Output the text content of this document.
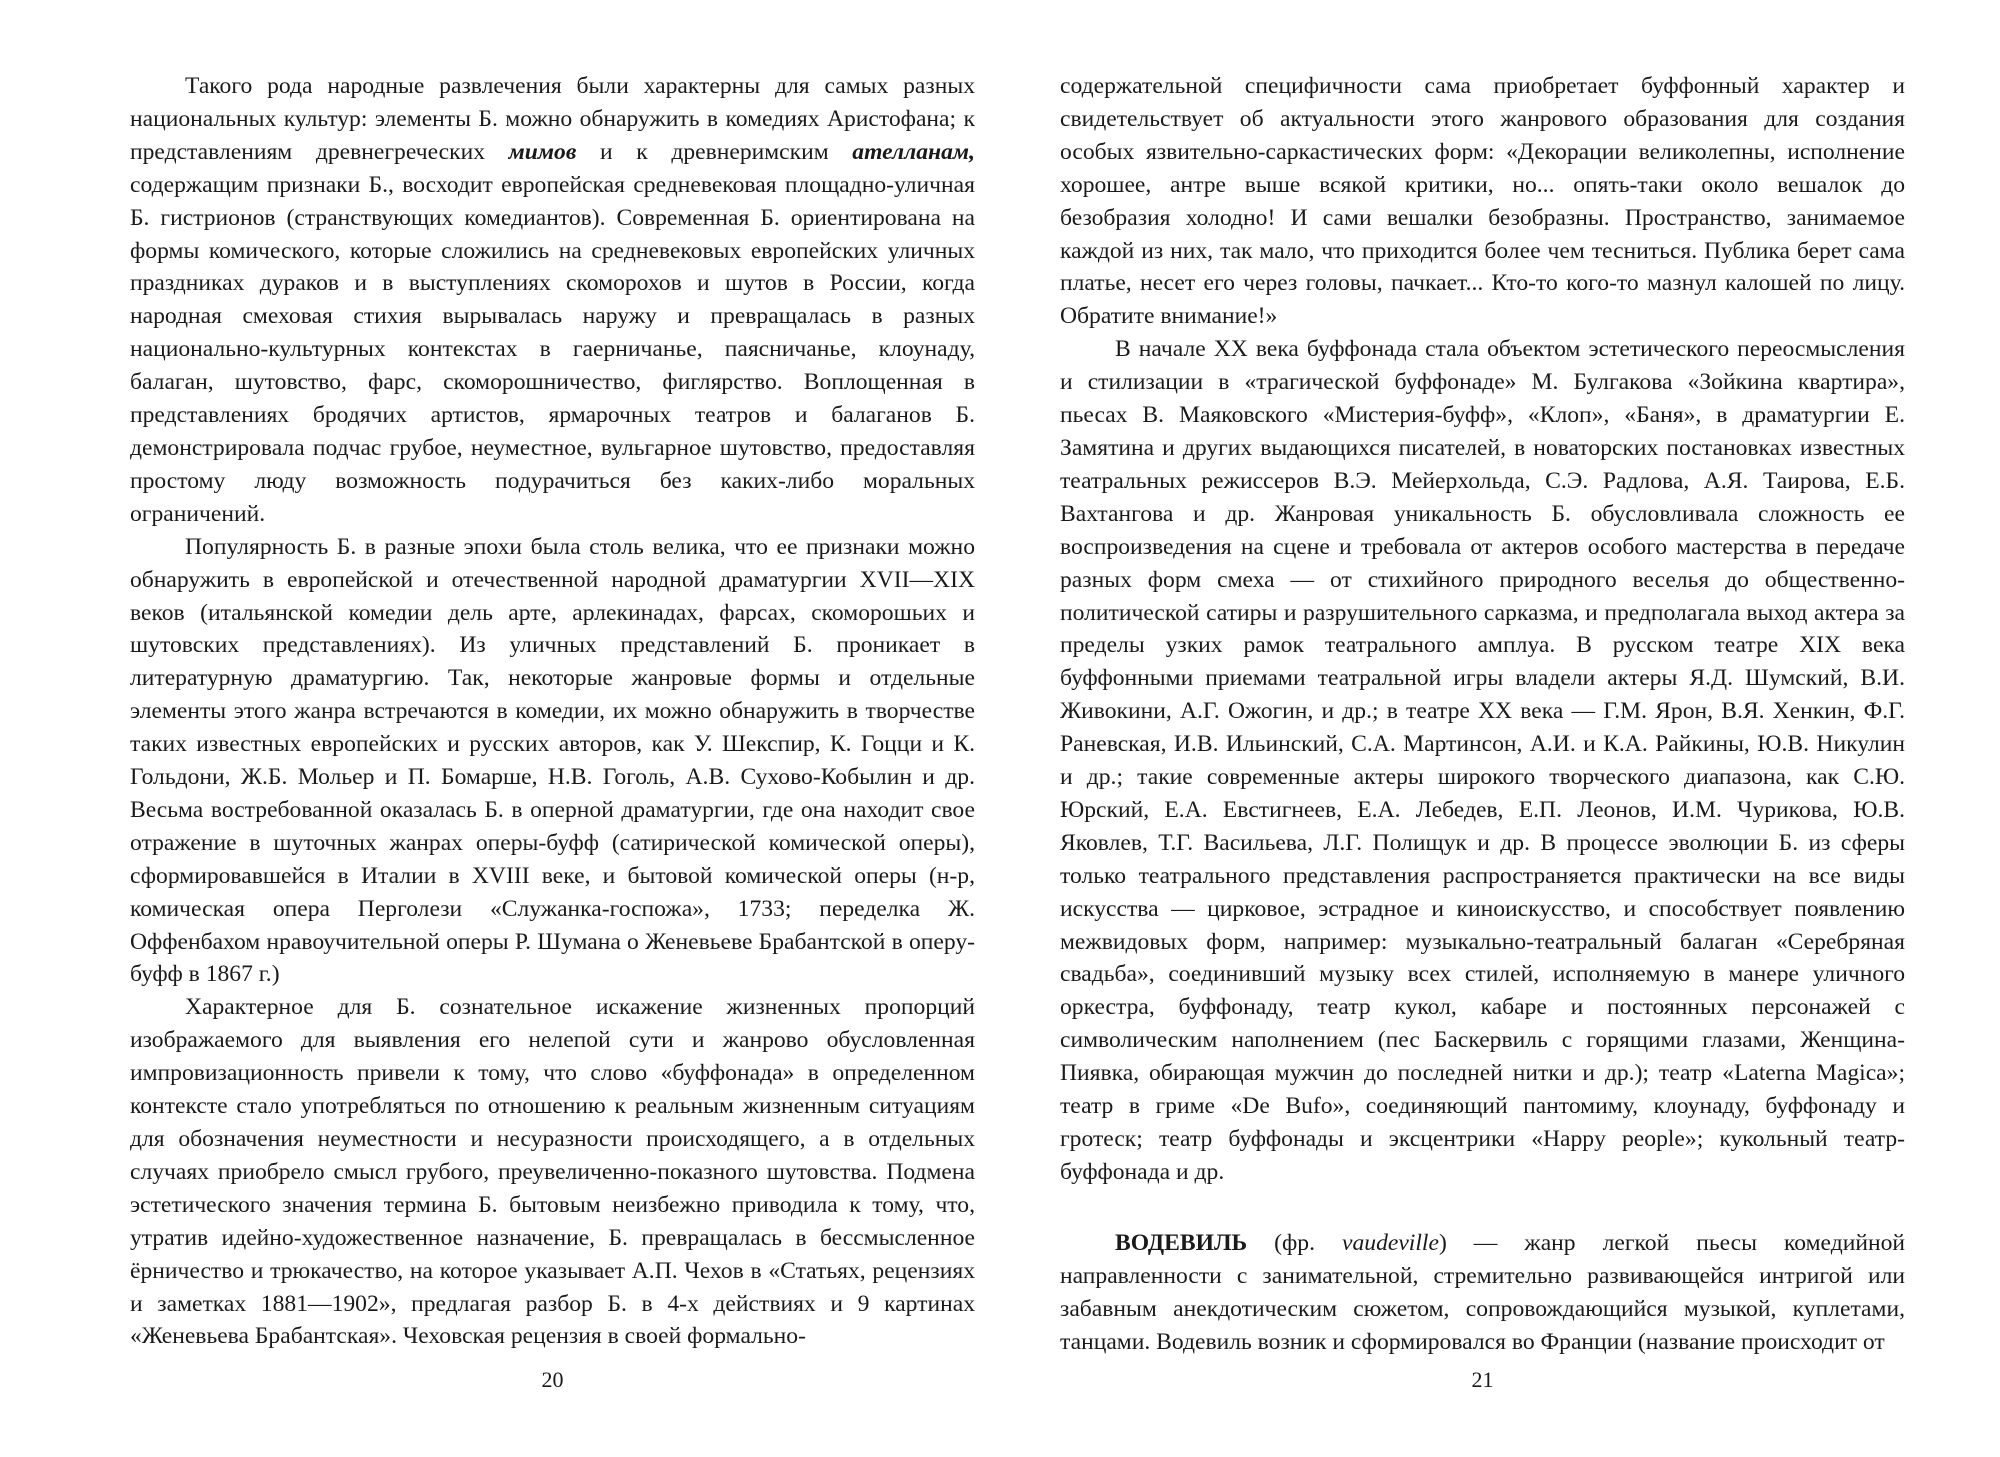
Такого рода народные развлечения были характерны для самых разных национальных культур: элементы Б. можно обнаружить в комедиях Аристофана; к представлениям древнегреческих мимов и к древнеримским ателланам, содержащим признаки Б., восходит европейская средневековая площадно-уличная Б. гистрионов (странствующих комедиантов). Современная Б. ориентирована на формы комического, которые сложились на средневековых европейских уличных праздниках дураков и в выступлениях скоморохов и шутов в России, когда народная смеховая стихия вырывалась наружу и превращалась в разных национально-культурных контекстах в гаерничанье, паясничанье, клоунаду, балаган, шутовство, фарс, скоморошничество, фиглярство. Воплощенная в представлениях бродячих артистов, ярмарочных театров и балаганов Б. демонстрировала подчас грубое, неуместное, вульгарное шутовство, предоставляя простому люду возможность подурачиться без каких-либо моральных ограничений.

Популярность Б. в разные эпохи была столь велика, что ее признаки можно обнаружить в европейской и отечественной народной драматургии XVII—XIX веков (итальянской комедии дель арте, арлекинадах, фарсах, скоморошьих и шутовских представлениях). Из уличных представлений Б. проникает в литературную драматургию. Так, некоторые жанровые формы и отдельные элементы этого жанра встречаются в комедии, их можно обнаружить в творчестве таких известных европейских и русских авторов, как У. Шекспир, К. Гоцци и К. Гольдони, Ж.Б. Мольер и П. Бомарше, Н.В. Гоголь, А.В. Сухово-Кобылин и др. Весьма востребованной оказалась Б. в оперной драматургии, где она находит свое отражение в шуточных жанрах оперы-буфф (сатирической комической оперы), сформировавшейся в Италии в XVIII веке, и бытовой комической оперы (н-р, комическая опера Перголези «Служанка-госпожа», 1733; переделка Ж. Оффенбахом нравоучительной оперы Р. Шумана о Женевьеве Брабантской в оперу-буфф в 1867 г.)

Характерное для Б. сознательное искажение жизненных пропорций изображаемого для выявления его нелепой сути и жанрово обусловленная импровизационность привели к тому, что слово «буффонада» в определенном контексте стало употребляться по отношению к реальным жизненным ситуациям для обозначения неуместности и несуразности происходящего, а в отдельных случаях приобрело смысл грубого, преувеличенно-показного шутовства. Подмена эстетического значения термина Б. бытовым неизбежно приводила к тому, что, утратив идейно-художественное назначение, Б. превращалась в бессмысленное ёрничество и трюкачество, на которое указывает А.П. Чехов в «Статьях, рецензиях и заметках 1881—1902», предлагая разбор Б. в 4-х действиях и 9 картинах «Женевьева Брабантская». Чеховская рецензия в своей формально-

20

содержательной специфичности сама приобретает буффонный характер и свидетельствует об актуальности этого жанрового образования для создания особых язвительно-саркастических форм: «Декорации великолепны, исполнение хорошее, антре выше всякой критики, но... опять-таки около вешалок до безобразия холодно! И сами вешалки безобразны. Пространство, занимаемое каждой из них, так мало, что приходится более чем тесниться. Публика берет сама платье, несет его через головы, пачкает... Кто-то кого-то мазнул калошей по лицу. Обратите внимание!»

В начале XX века буффонада стала объектом эстетического переосмысления и стилизации в «трагической буффонаде» М. Булгакова «Зойкина квартира», пьесах В. Маяковского «Мистерия-буфф», «Клоп», «Баня», в драматургии Е. Замятина и других выдающихся писателей, в новаторских постановках известных театральных режиссеров В.Э. Мейерхольда, С.Э. Радлова, А.Я. Таирова, Е.Б. Вахтангова и др. Жанровая уникальность Б. обусловливала сложность ее воспроизведения на сцене и требовала от актеров особого мастерства в передаче разных форм смеха — от стихийного природного веселья до общественно-политической сатиры и разрушительного сарказма, и предполагала выход актера за пределы узких рамок театрального амплуа. В русском театре XIX века буффонными приемами театральной игры владели актеры Я.Д. Шумский, В.И. Живокини, А.Г. Ожогин, и др.; в театре XX века — Г.М. Ярон, В.Я. Хенкин, Ф.Г. Раневская, И.В. Ильинский, С.А. Мартинсон, А.И. и К.А. Райкины, Ю.В. Никулин и др.; такие современные актеры широкого творческого диапазона, как С.Ю. Юрский, Е.А. Евстигнеев, Е.А. Лебедев, Е.П. Леонов, И.М. Чурикова, Ю.В. Яковлев, Т.Г. Васильева, Л.Г. Полищук и др. В процессе эволюции Б. из сферы только театрального представления распространяется практически на все виды искусства — цирковое, эстрадное и киноискусство, и способствует появлению межвидовых форм, например: музыкально-театральный балаган «Серебряная свадьба», соединивший музыку всех стилей, исполняемую в манере уличного оркестра, буффонаду, театр кукол, кабаре и постоянных персонажей с символическим наполнением (пес Баскервиль с горящими глазами, Женщина-Пиявка, обирающая мужчин до последней нитки и др.); театр «Laterna Magica»; театр в гриме «De Bufo», соединяющий пантомиму, клоунаду, буффонаду и гротеск; театр буффонады и эксцентрики «Happy people»; кукольный театр-буффонада и др.

ВОДЕВИЛЬ (фр. vaudeville) — жанр легкой пьесы комедийной направленности с занимательной, стремительно развивающейся интригой или забавным анекдотическим сюжетом, сопровождающийся музыкой, куплетами, танцами. Водевиль возник и сформировался во Франции (название происходит от

21
